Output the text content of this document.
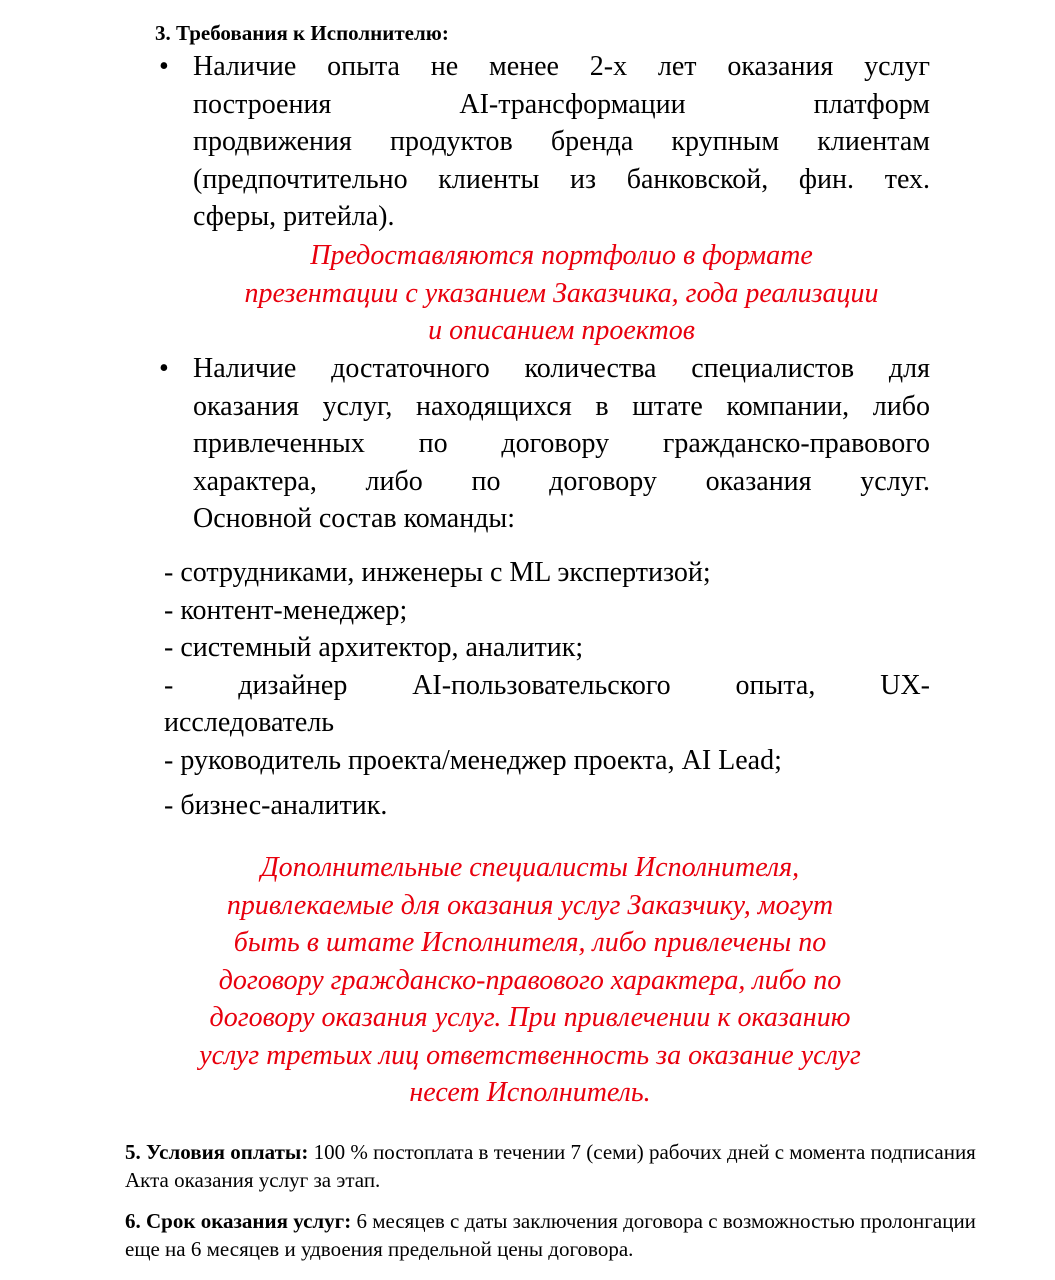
3. Требования к Исполнителю:
•
Наличие опыта не менее 2-х лет оказания услуг
построения AI-трансформации платформ
продвижения продуктов бренда крупным клиентам
(предпочтительно клиенты из банковской, фин. тех.
сферы, ритейла).
Предоставляются портфолио в формате
презентации с указанием Заказчика, года реализации
и описанием проектов
•
Наличие достаточного количества специалистов для
оказания услуг, находящихся в штате компании, либо
привлеченных по договору гражданско-правового
характера, либо по договору оказания услуг.
Основной состав команды:
- сотрудниками, инженеры с ML экспертизой;
- контент-менеджер;
- системный архитектор, аналитик;
- дизайнер AI-пользовательского опыта, UX-
исследователь
- руководитель проекта/менеджер проекта, AI Lead;
- бизнес-аналитик.
Дополнительные специалисты Исполнителя,
привлекаемые для оказания услуг Заказчику, могут
быть в штате Исполнителя, либо привлечены по
договору гражданско-правового характера, либо по
договору оказания услуг. При привлечении к оказанию
услуг третьих лиц ответственность за оказание услуг
несет Исполнитель.
5. Условия оплаты: 100 % постоплата в течении 7 (семи) рабочих дней с момента подписания
Акта оказания услуг за этап.
6. Срок оказания услуг: 6 месяцев с даты заключения договора с возможностью пролонгации
еще на 6 месяцев и удвоения предельной цены договора.
